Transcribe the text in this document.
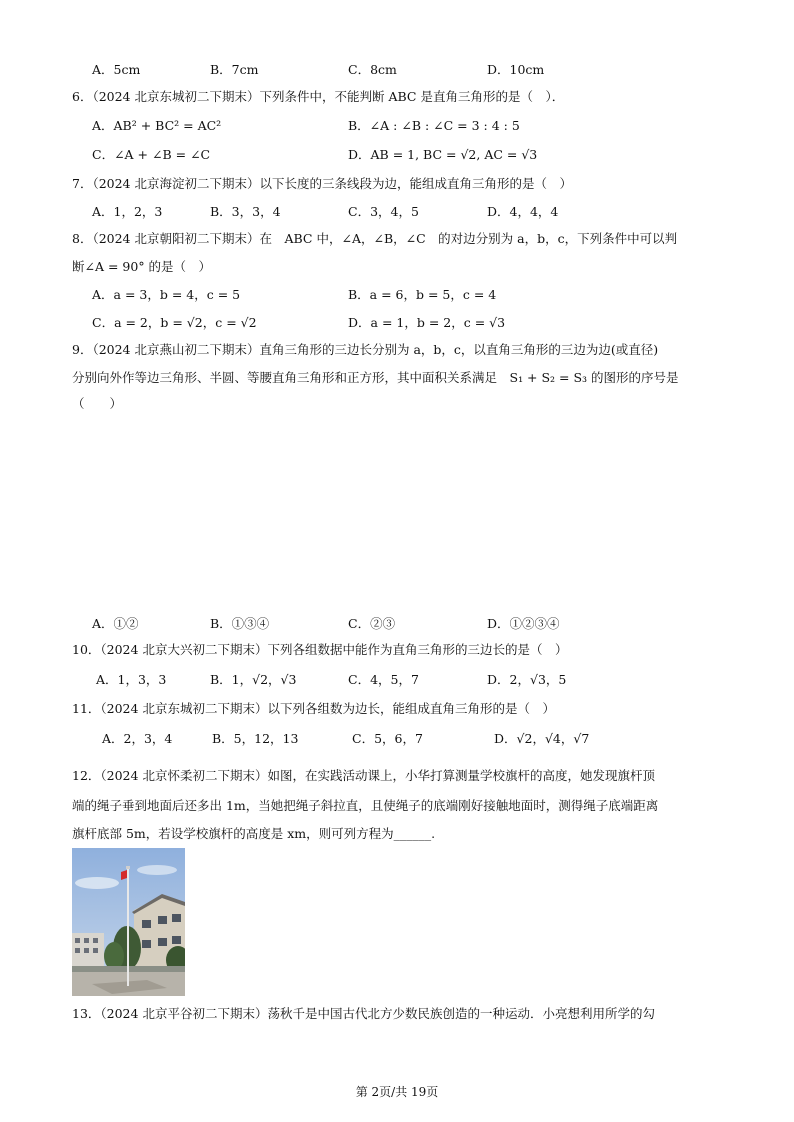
A．5cm	B．7cm	C．8cm	D．10cm
6．（2024 北京东城初二下期末）下列条件中，不能判断 ABC 是直角三角形的是（　）．
A．AB² + BC² = AC²	B．∠A : ∠B : ∠C = 3 : 4 : 5
C．∠A + ∠B = ∠C	D．AB = 1, BC = √2, AC = √3
7．（2024 北京海淀初二下期末）以下长度的三条线段为边，能组成直角三角形的是（　）
A．1，2，3	B．3，3，4	C．3，4，5	D．4，4，4
8．（2024 北京朝阳初二下期末）在　ABC 中，∠A，∠B，∠C　的对边分别为 a，b，c，下列条件中可以判
断∠A = 90° 的是（　）
A．a = 3，b = 4，c = 5	B．a = 6，b = 5，c = 4
C．a = 2，b = √2，c = √2	D．a = 1，b = 2，c = √3
9．（2024 北京燕山初二下期末）直角三角形的三边长分别为 a，b，c，以直角三角形的三边为边(或直径)
分别向外作等边三角形、半圆、等腰直角三角形和正方形，其中面积关系满足　S₁ + S₂ = S₃ 的图形的序号是
（　　）
A．①②	B．①③④	C．②③	D．①②③④
10．（2024 北京大兴初二下期末）下列各组数据中能作为直角三角形的三边长的是（　）
A．1，3，3	B．1，√2，√3	C．4，5，7	D．2，√3，5
11．（2024 北京东城初二下期末）以下列各组数为边长，能组成直角三角形的是（　）
A．2，3，4	B．5，12，13	C．5，6，7	D．√2，√4，√7
12．（2024 北京怀柔初二下期末）如图，在实践活动课上，小华打算测量学校旗杆的高度，她发现旗杆顶
端的绳子垂到地面后还多出 1m，当她把绳子斜拉直，且使绳子的底端刚好接触地面时，测得绳子底端距离
旗杆底部 5m，若设学校旗杆的高度是 xm，则可列方程为______.
13．（2024 北京平谷初二下期末）荡秋千是中国古代北方少数民族创造的一种运动．小亮想利用所学的勾
第 2页/共 19页
